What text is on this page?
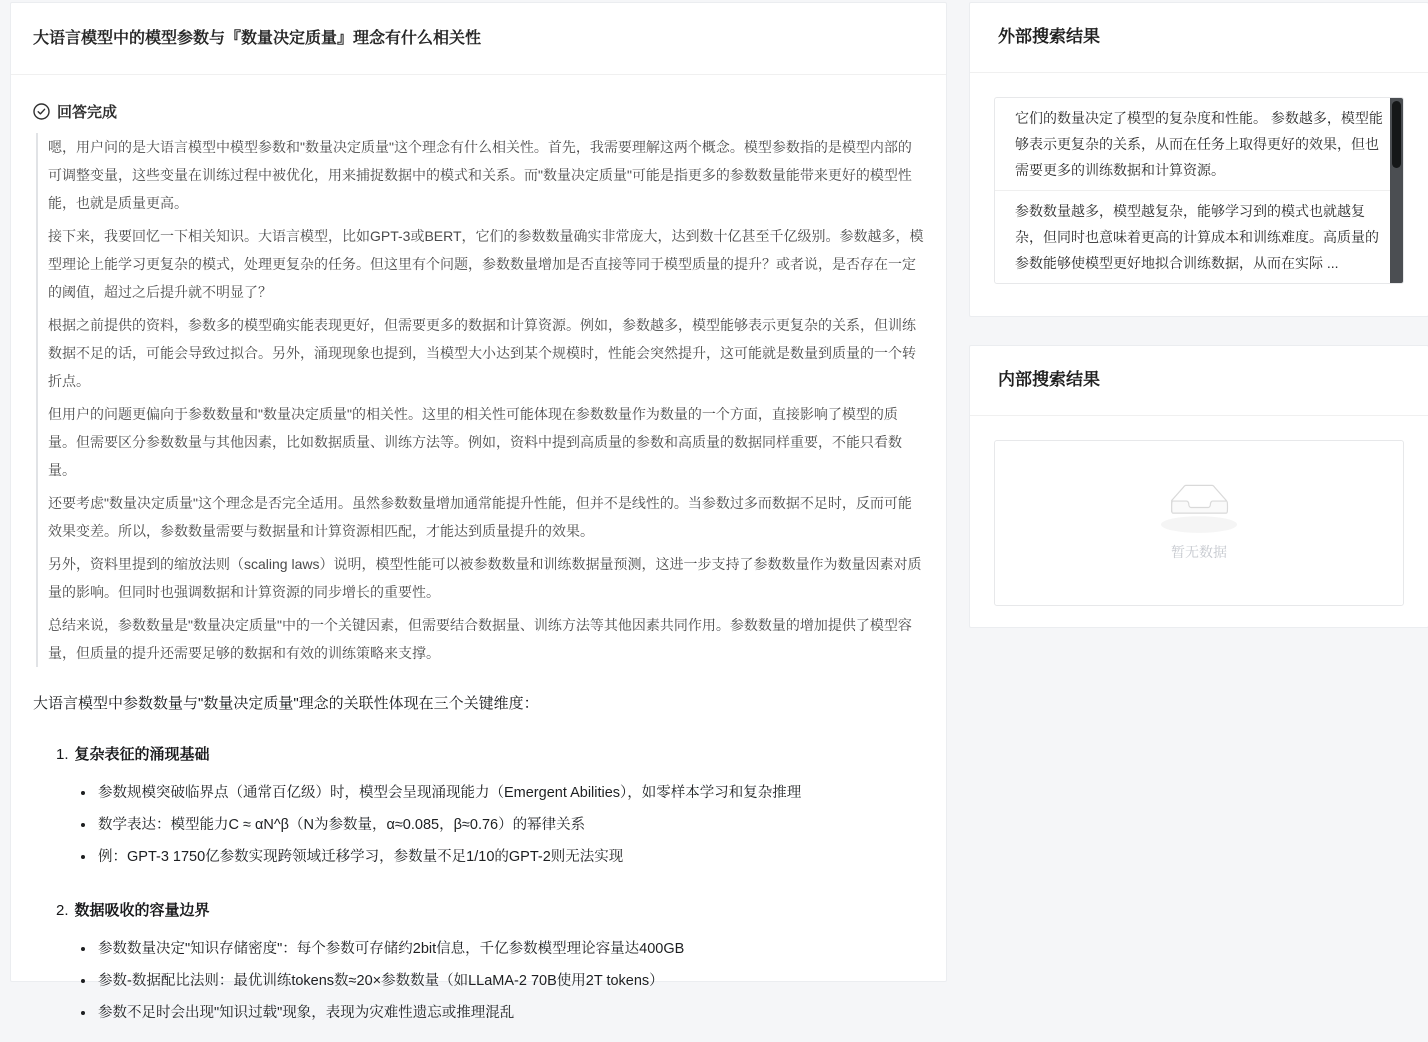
大语言模型中的模型参数与『数量决定质量』理念有什么相关性
回答完成

嗯，用户问的是大语言模型中模型参数和"数量决定质量"这个理念有什么相关性。首先，我需要理解这两个概念。模型参数指的是模型内部的可调整变量，这些变量在训练过程中被优化，用来捕捉数据中的模式和关系。而"数量决定质量"可能是指更多的参数数量能带来更好的模型性能，也就是质量更高。

接下来，我要回忆一下相关知识。大语言模型，比如GPT-3或BERT，它们的参数数量确实非常庞大，达到数十亿甚至千亿级别。参数越多，模型理论上能学习更复杂的模式，处理更复杂的任务。但这里有个问题，参数数量增加是否直接等同于模型质量的提升？或者说，是否存在一定的阈值，超过之后提升就不明显了？

根据之前提供的资料，参数多的模型确实能表现更好，但需要更多的数据和计算资源。例如，参数越多，模型能够表示更复杂的关系，但训练数据不足的话，可能会导致过拟合。另外，涌现现象也提到，当模型大小达到某个规模时，性能会突然提升，这可能就是数量到质量的一个转折点。

但用户的问题更偏向于参数数量和"数量决定质量"的相关性。这里的相关性可能体现在参数数量作为数量的一个方面，直接影响了模型的质量。但需要区分参数数量与其他因素，比如数据质量、训练方法等。例如，资料中提到高质量的参数和高质量的数据同样重要，不能只看数量。

还要考虑"数量决定质量"这个理念是否完全适用。虽然参数数量增加通常能提升性能，但并不是线性的。当参数过多而数据不足时，反而可能效果变差。所以，参数数量需要与数据量和计算资源相匹配，才能达到质量提升的效果。

另外，资料里提到的缩放法则（scaling laws）说明，模型性能可以被参数数量和训练数据量预测，这进一步支持了参数数量作为数量因素对质量的影响。但同时也强调数据和计算资源的同步增长的重要性。

总结来说，参数数量是"数量决定质量"中的一个关键因素，但需要结合数据量、训练方法等其他因素共同作用。参数数量的增加提供了模型容量，但质量的提升还需要足够的数据和有效的训练策略来支撑。

大语言模型中参数数量与"数量决定质量"理念的关联性体现在三个关键维度：

1. 复杂表征的涌现基础
• 参数规模突破临界点（通常百亿级）时，模型会呈现涌现能力（Emergent Abilities），如零样本学习和复杂推理
• 数学表达：模型能力C ≈ αN^β（N为参数量，α≈0.085，β≈0.76）的幂律关系
• 例：GPT-3 1750亿参数实现跨领域迁移学习，参数量不足1/10的GPT-2则无法实现
2. 数据吸收的容量边界
• 参数数量决定"知识存储密度"：每个参数可存储约2bit信息，千亿参数模型理论容量达400GB
• 参数-数据配比法则：最优训练tokens数≈20×参数数量（如LLaMA-2 70B使用2T tokens）
• 参数不足时会出现"知识过载"现象，表现为灾难性遗忘或推理混乱
外部搜索结果
它们的数量决定了模型的复杂度和性能。 参数越多，模型能够表示更复杂的关系，从而在任务上取得更好的效果，但也需要更多的训练数据和计算资源。
参数数量越多，模型越复杂，能够学习到的模式也就越复杂，但同时也意味着更高的计算成本和训练难度。高质量的参数能够使模型更好地拟合训练数据，从而在实际 ...
内部搜索结果
暂无数据
